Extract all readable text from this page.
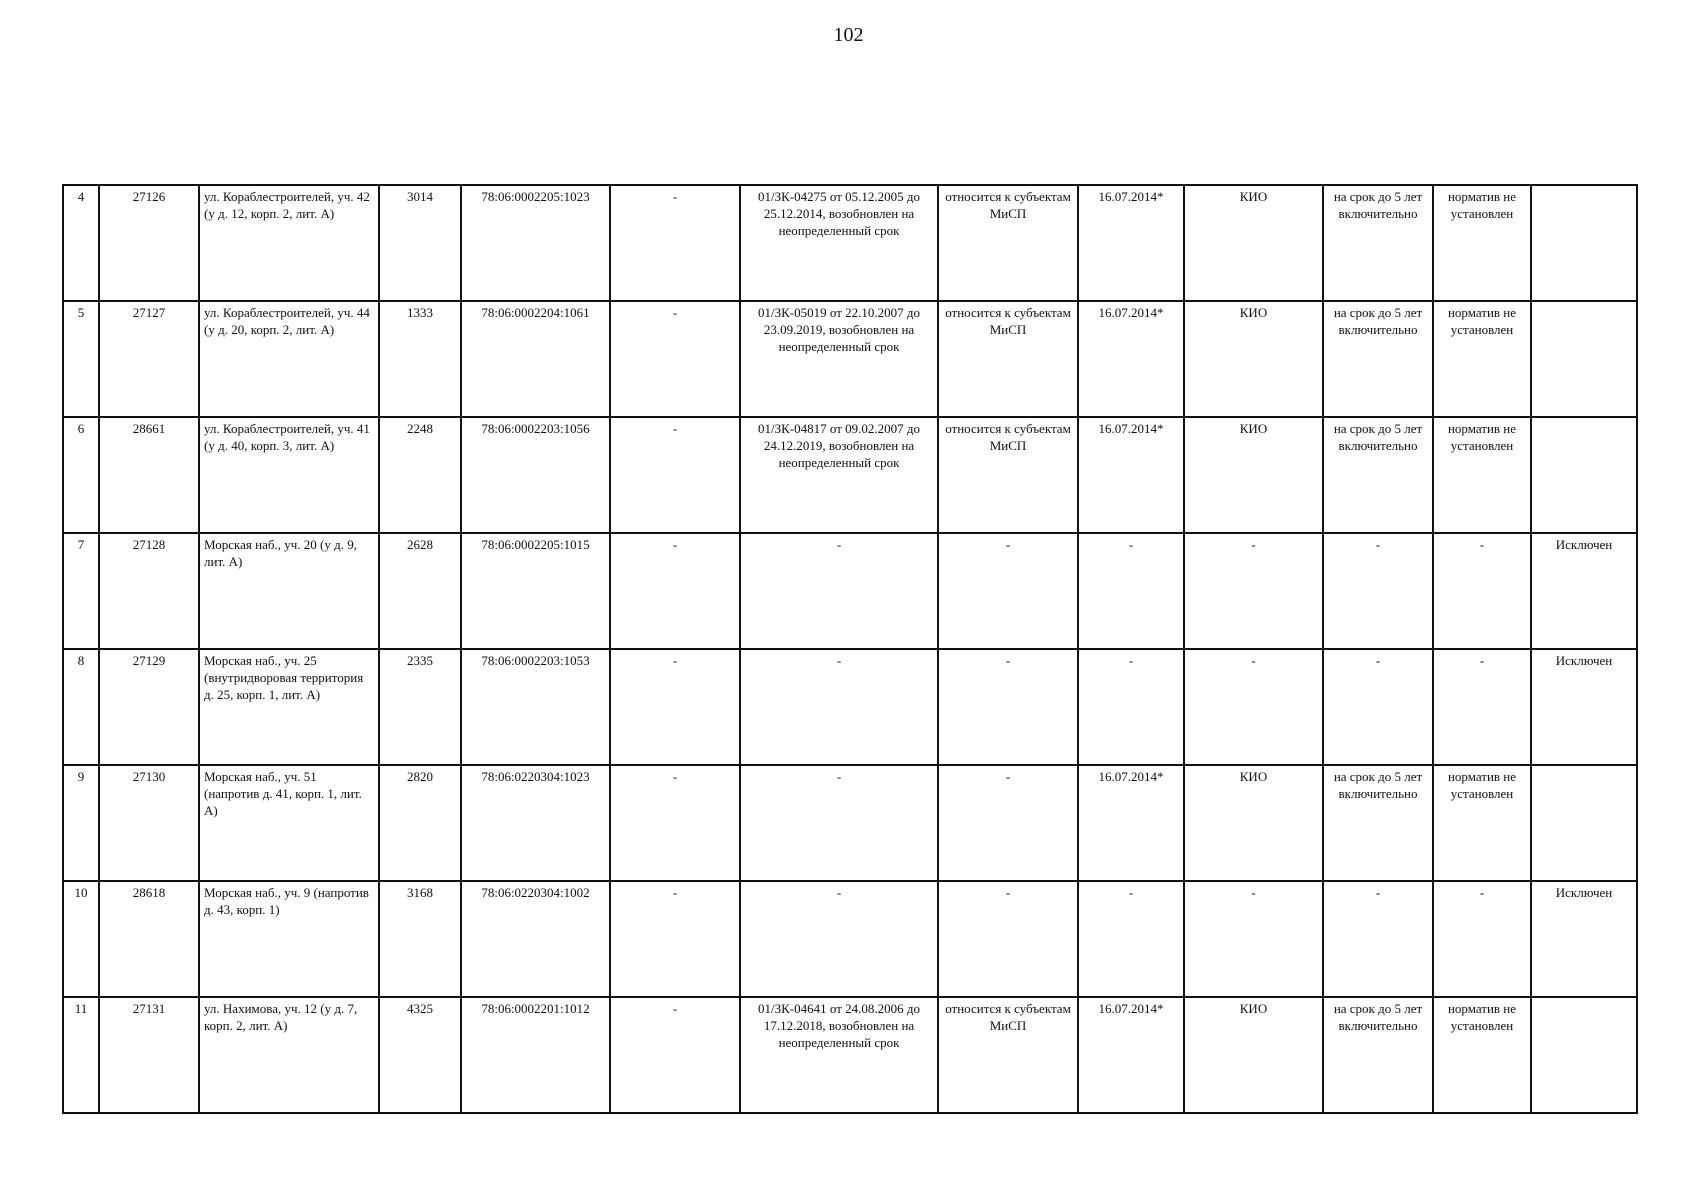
102
4	27126	ул. Кораблестроителей, уч. 42 (у д. 12, корп. 2, лит. А)	3014	78:06:0002205:1023	-	01/ЗК-04275 от 05.12.2005 до 25.12.2014, возобновлен на неопределенный срок	относится к субъектам МиСП	16.07.2014*	КИО	на срок до 5 лет включительно	норматив не установлен	
5	27127	ул. Кораблестроителей, уч. 44 (у д. 20, корп. 2, лит. А)	1333	78:06:0002204:1061	-	01/ЗК-05019 от 22.10.2007 до 23.09.2019, возобновлен на неопределенный срок	относится к субъектам МиСП	16.07.2014*	КИО	на срок до 5 лет включительно	норматив не установлен	
6	28661	ул. Кораблестроителей, уч. 41 (у д. 40, корп. 3, лит. А)	2248	78:06:0002203:1056	-	01/ЗК-04817 от 09.02.2007 до 24.12.2019, возобновлен на неопределенный срок	относится к субъектам МиСП	16.07.2014*	КИО	на срок до 5 лет включительно	норматив не установлен	
7	27128	Морская наб., уч. 20 (у д. 9, лит. А)	2628	78:06:0002205:1015	-	-	-	-	-	-	-	Исключен
8	27129	Морская наб., уч. 25 (внутридворовая территория д. 25, корп. 1, лит. А)	2335	78:06:0002203:1053	-	-	-	-	-	-	-	Исключен
9	27130	Морская наб., уч. 51 (напротив д. 41, корп. 1, лит. А)	2820	78:06:0220304:1023	-	-	-	16.07.2014*	КИО	на срок до 5 лет включительно	норматив не установлен	
10	28618	Морская наб., уч. 9 (напротив д. 43, корп. 1)	3168	78:06:0220304:1002	-	-	-	-	-	-	-	Исключен
11	27131	ул. Нахимова, уч. 12 (у д. 7, корп. 2, лит. А)	4325	78:06:0002201:1012	-	01/ЗК-04641 от 24.08.2006 до 17.12.2018, возобновлен на неопределенный срок	относится к субъектам МиСП	16.07.2014*	КИО	на срок до 5 лет включительно	норматив не установлен	
